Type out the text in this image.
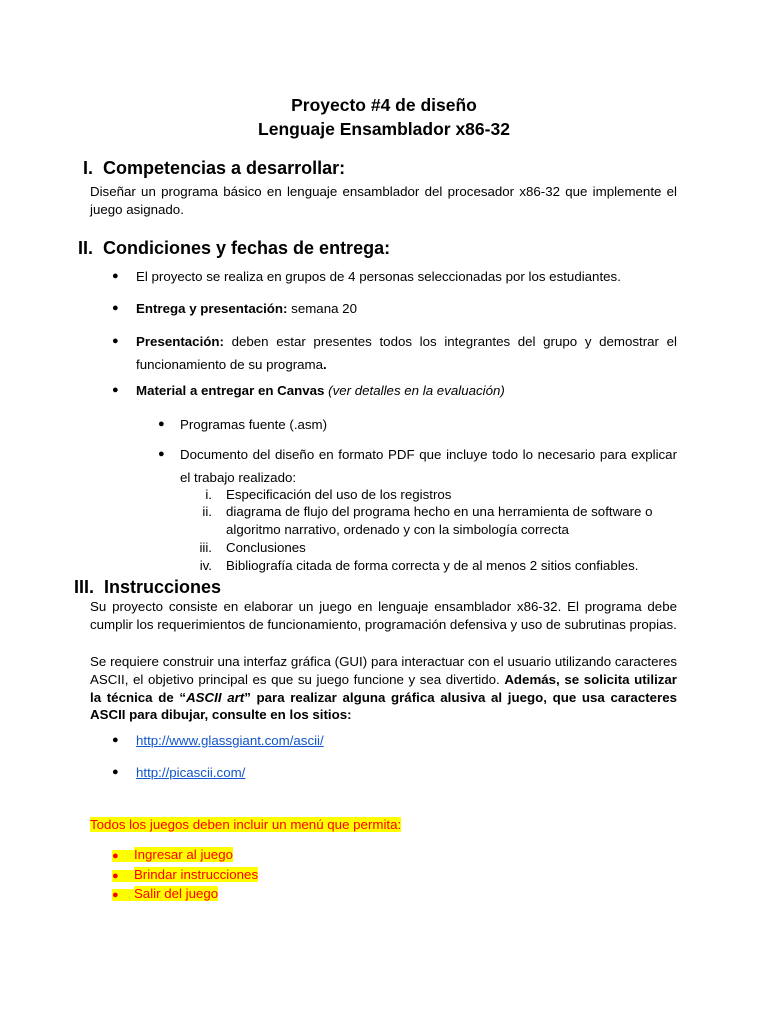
Proyecto #4 de diseño
Lenguaje Ensamblador x86-32
I. Competencias a desarrollar:
Diseñar un programa básico en lenguaje ensamblador del procesador x86-32 que implemente el juego asignado.
II. Condiciones y fechas de entrega:
●	El proyecto se realiza en grupos de 4 personas seleccionadas por los estudiantes.
●	Entrega y presentación: semana 20
●	Presentación: deben estar presentes todos los integrantes del grupo y demostrar el funcionamiento de su programa.
●	Material a entregar en Canvas (ver detalles en la evaluación)
●	Programas fuente (.asm)
●	Documento del diseño en formato PDF que incluye todo lo necesario para explicar el trabajo realizado:
i.	Especificación del uso de los registros
ii.	diagrama de flujo del programa hecho en una herramienta de software o algoritmo narrativo, ordenado y con la simbología correcta
iii.	Conclusiones
iv.	Bibliografía citada de forma correcta y de al menos 2 sitios confiables.
III. Instrucciones
Su proyecto consiste en elaborar un juego en lenguaje ensamblador x86-32. El programa debe cumplir los requerimientos de funcionamiento, programación defensiva y uso de subrutinas propias.
Se requiere construir una interfaz gráfica (GUI) para interactuar con el usuario utilizando caracteres ASCII, el objetivo principal es que su juego funcione y sea divertido. Además, se solicita utilizar la técnica de “ASCII art” para realizar alguna gráfica alusiva al juego, que usa caracteres ASCII para dibujar, consulte en los sitios:
●	http://www.glassgiant.com/ascii/
●	http://picascii.com/
Todos los juegos deben incluir un menú que permita:
●     Ingresar al juego
●     Brindar instrucciones
●     Salir del juego
